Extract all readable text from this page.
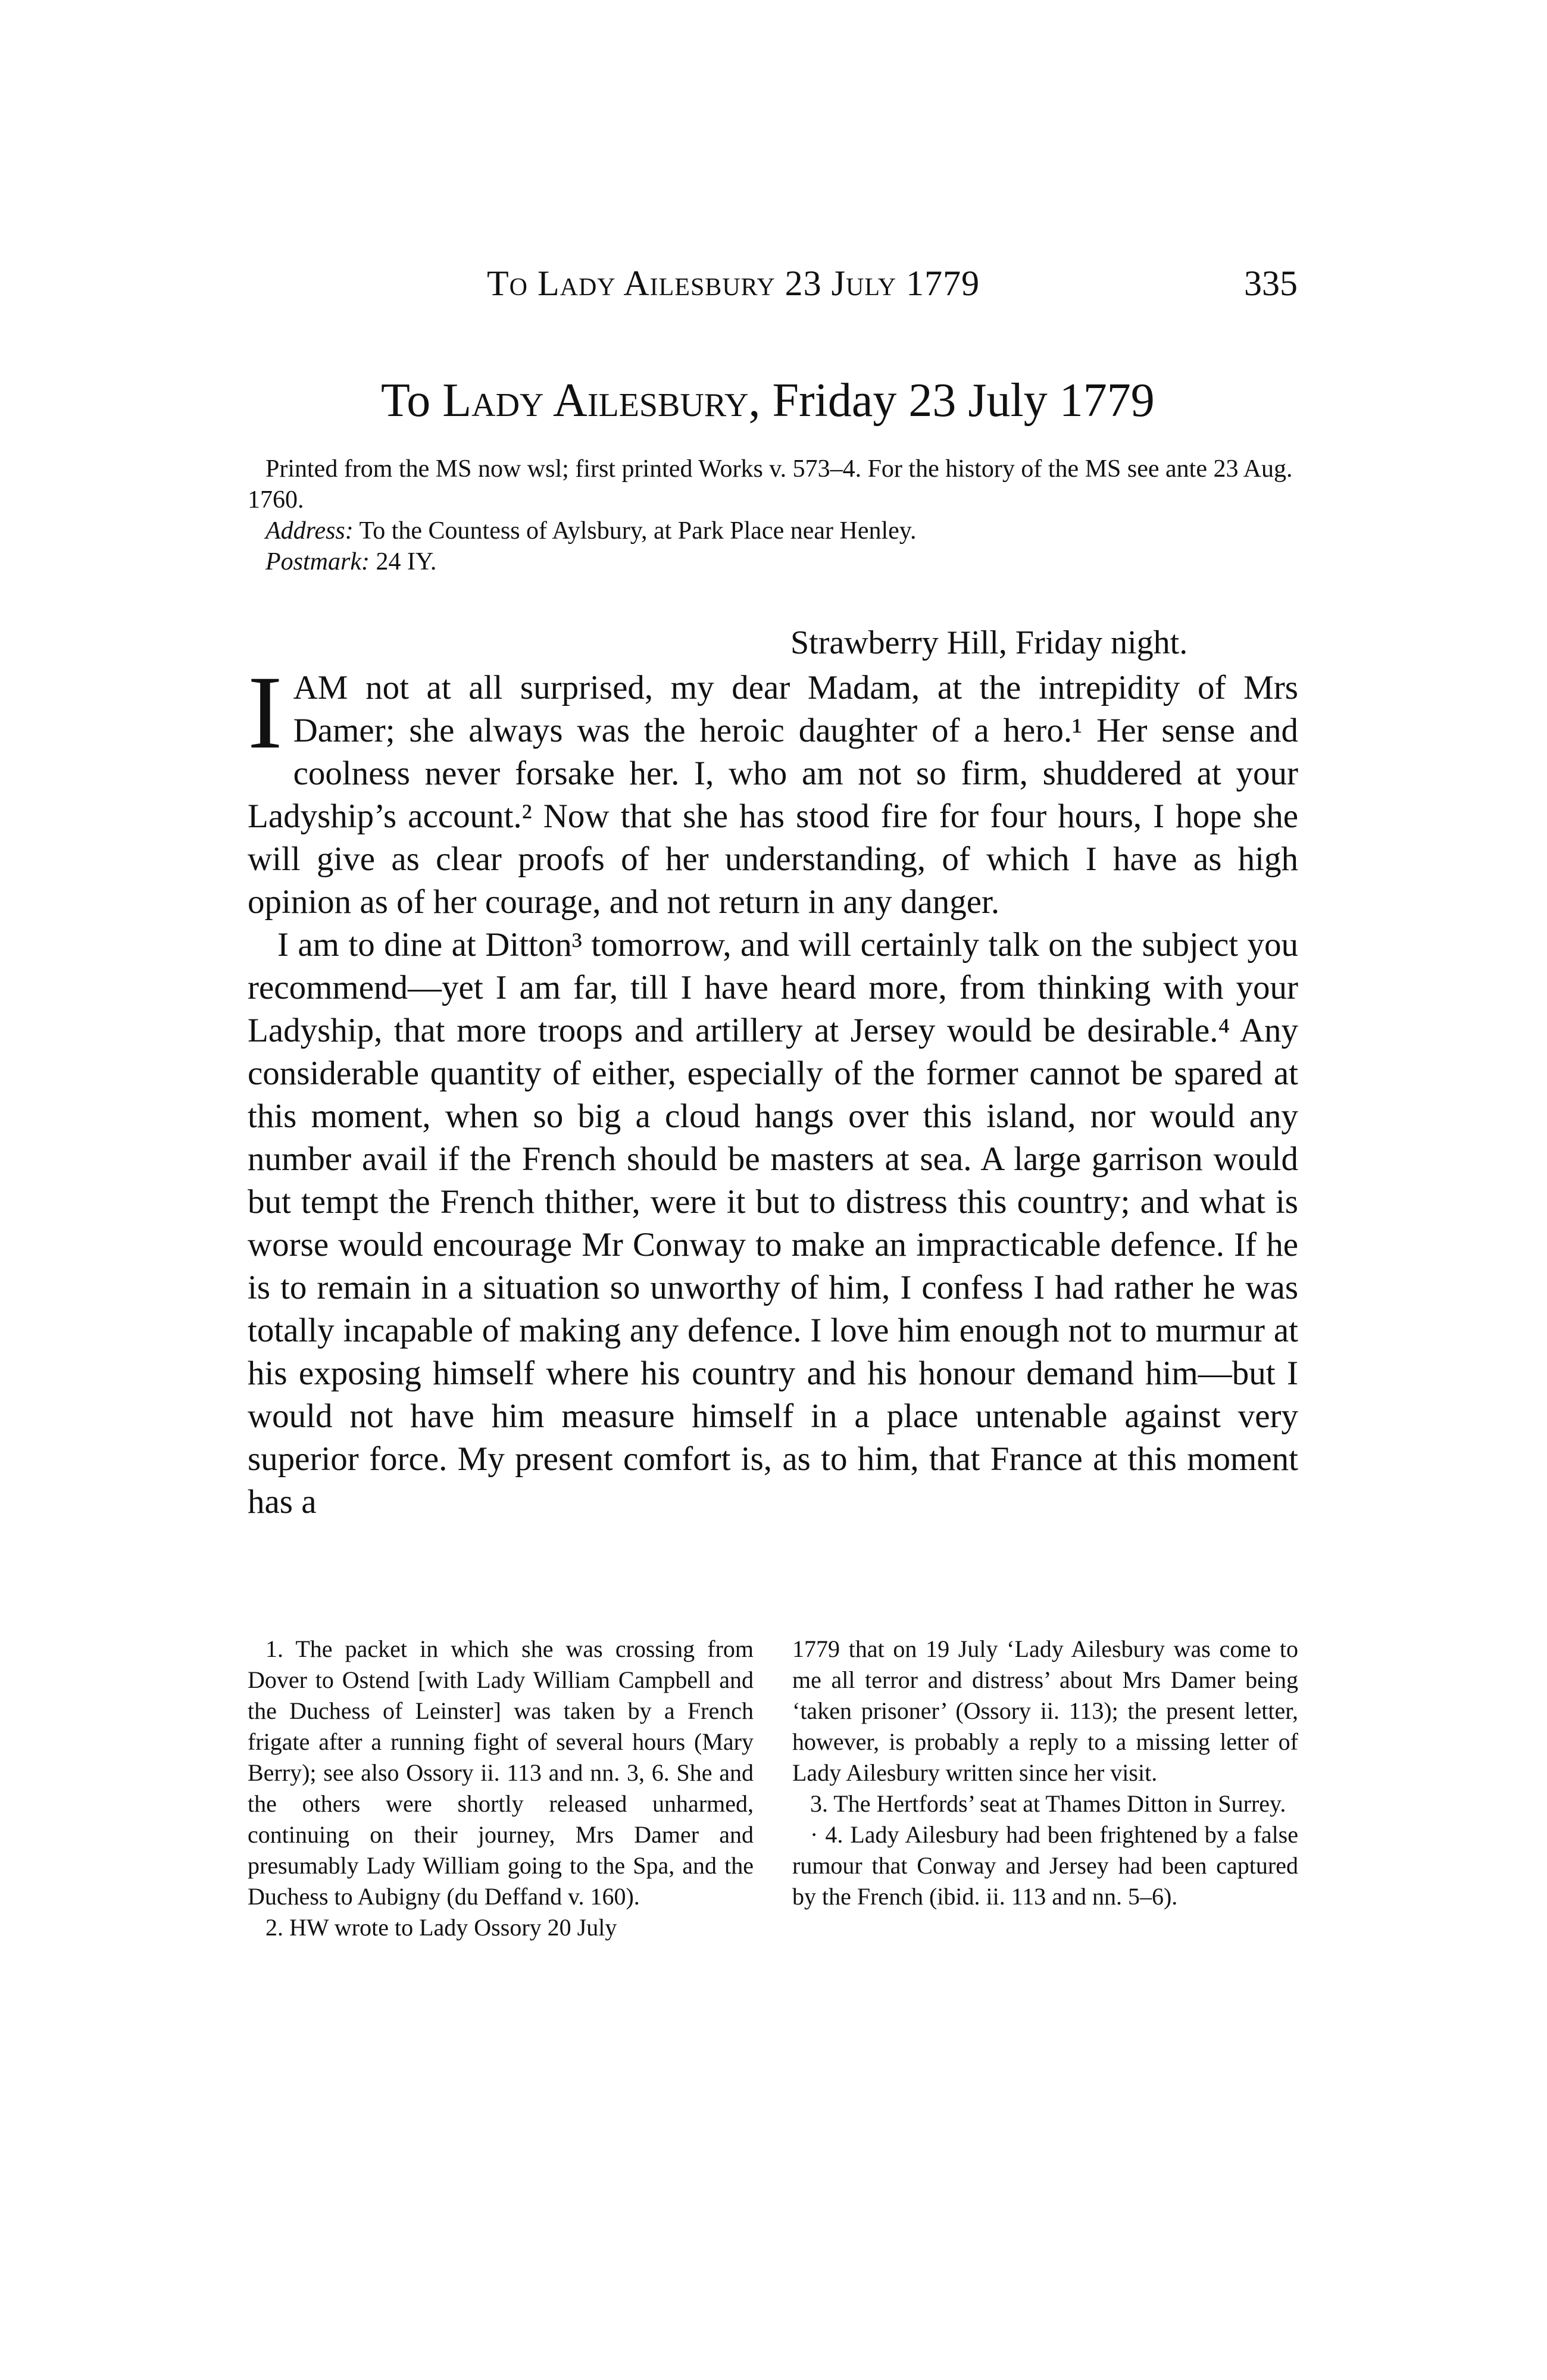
To Lady Ailesbury 23 July 1779	335
To Lady Ailesbury, Friday 23 July 1779

Printed from the MS now wsl; first printed Works v. 573–4. For the history of the MS see ante 23 Aug. 1760.

Address: To the Countess of Aylsbury, at Park Place near Henley.

Postmark: 24 IY.

Strawberry Hill, Friday night.

IAM not at all surprised, my dear Madam, at the intrepidity of Mrs Damer; she always was the heroic daughter of a hero.¹ Her sense and coolness never forsake her. I, who am not so firm, shuddered at your Ladyship’s account.² Now that she has stood fire for four hours, I hope she will give as clear proofs of her understanding, of which I have as high opinion as of her courage, and not return in any danger.

I am to dine at Ditton³ tomorrow, and will certainly talk on the subject you recommend—yet I am far, till I have heard more, from thinking with your Ladyship, that more troops and artillery at Jersey would be desirable.⁴ Any considerable quantity of either, especially of the former cannot be spared at this moment, when so big a cloud hangs over this island, nor would any number avail if the French should be masters at sea. A large garrison would but tempt the French thither, were it but to distress this country; and what is worse would encourage Mr Conway to make an impracticable defence. If he is to remain in a situation so unworthy of him, I confess I had rather he was totally incapable of making any defence. I love him enough not to murmur at his exposing himself where his country and his honour demand him—but I would not have him measure himself in a place untenable against very superior force. My present comfort is, as to him, that France at this moment has a

1. The packet in which she was crossing from Dover to Ostend [with Lady William Campbell and the Duchess of Leinster] was taken by a French frigate after a running fight of several hours (Mary Berry); see also Ossory ii. 113 and nn. 3, 6. She and the others were shortly released unharmed, continuing on their journey, Mrs Damer and presumably Lady William going to the Spa, and the Duchess to Aubigny (du Deffand v. 160).

2. HW wrote to Lady Ossory 20 July

1779 that on 19 July ‘Lady Ailesbury was come to me all terror and distress’ about Mrs Damer being ‘taken prisoner’ (Ossory ii. 113); the present letter, however, is probably a reply to a missing letter of Lady Ailesbury written since her visit.

3. The Hertfords’ seat at Thames Ditton in Surrey.

· 4. Lady Ailesbury had been frightened by a false rumour that Conway and Jersey had been captured by the French (ibid. ii. 113 and nn. 5–6).
